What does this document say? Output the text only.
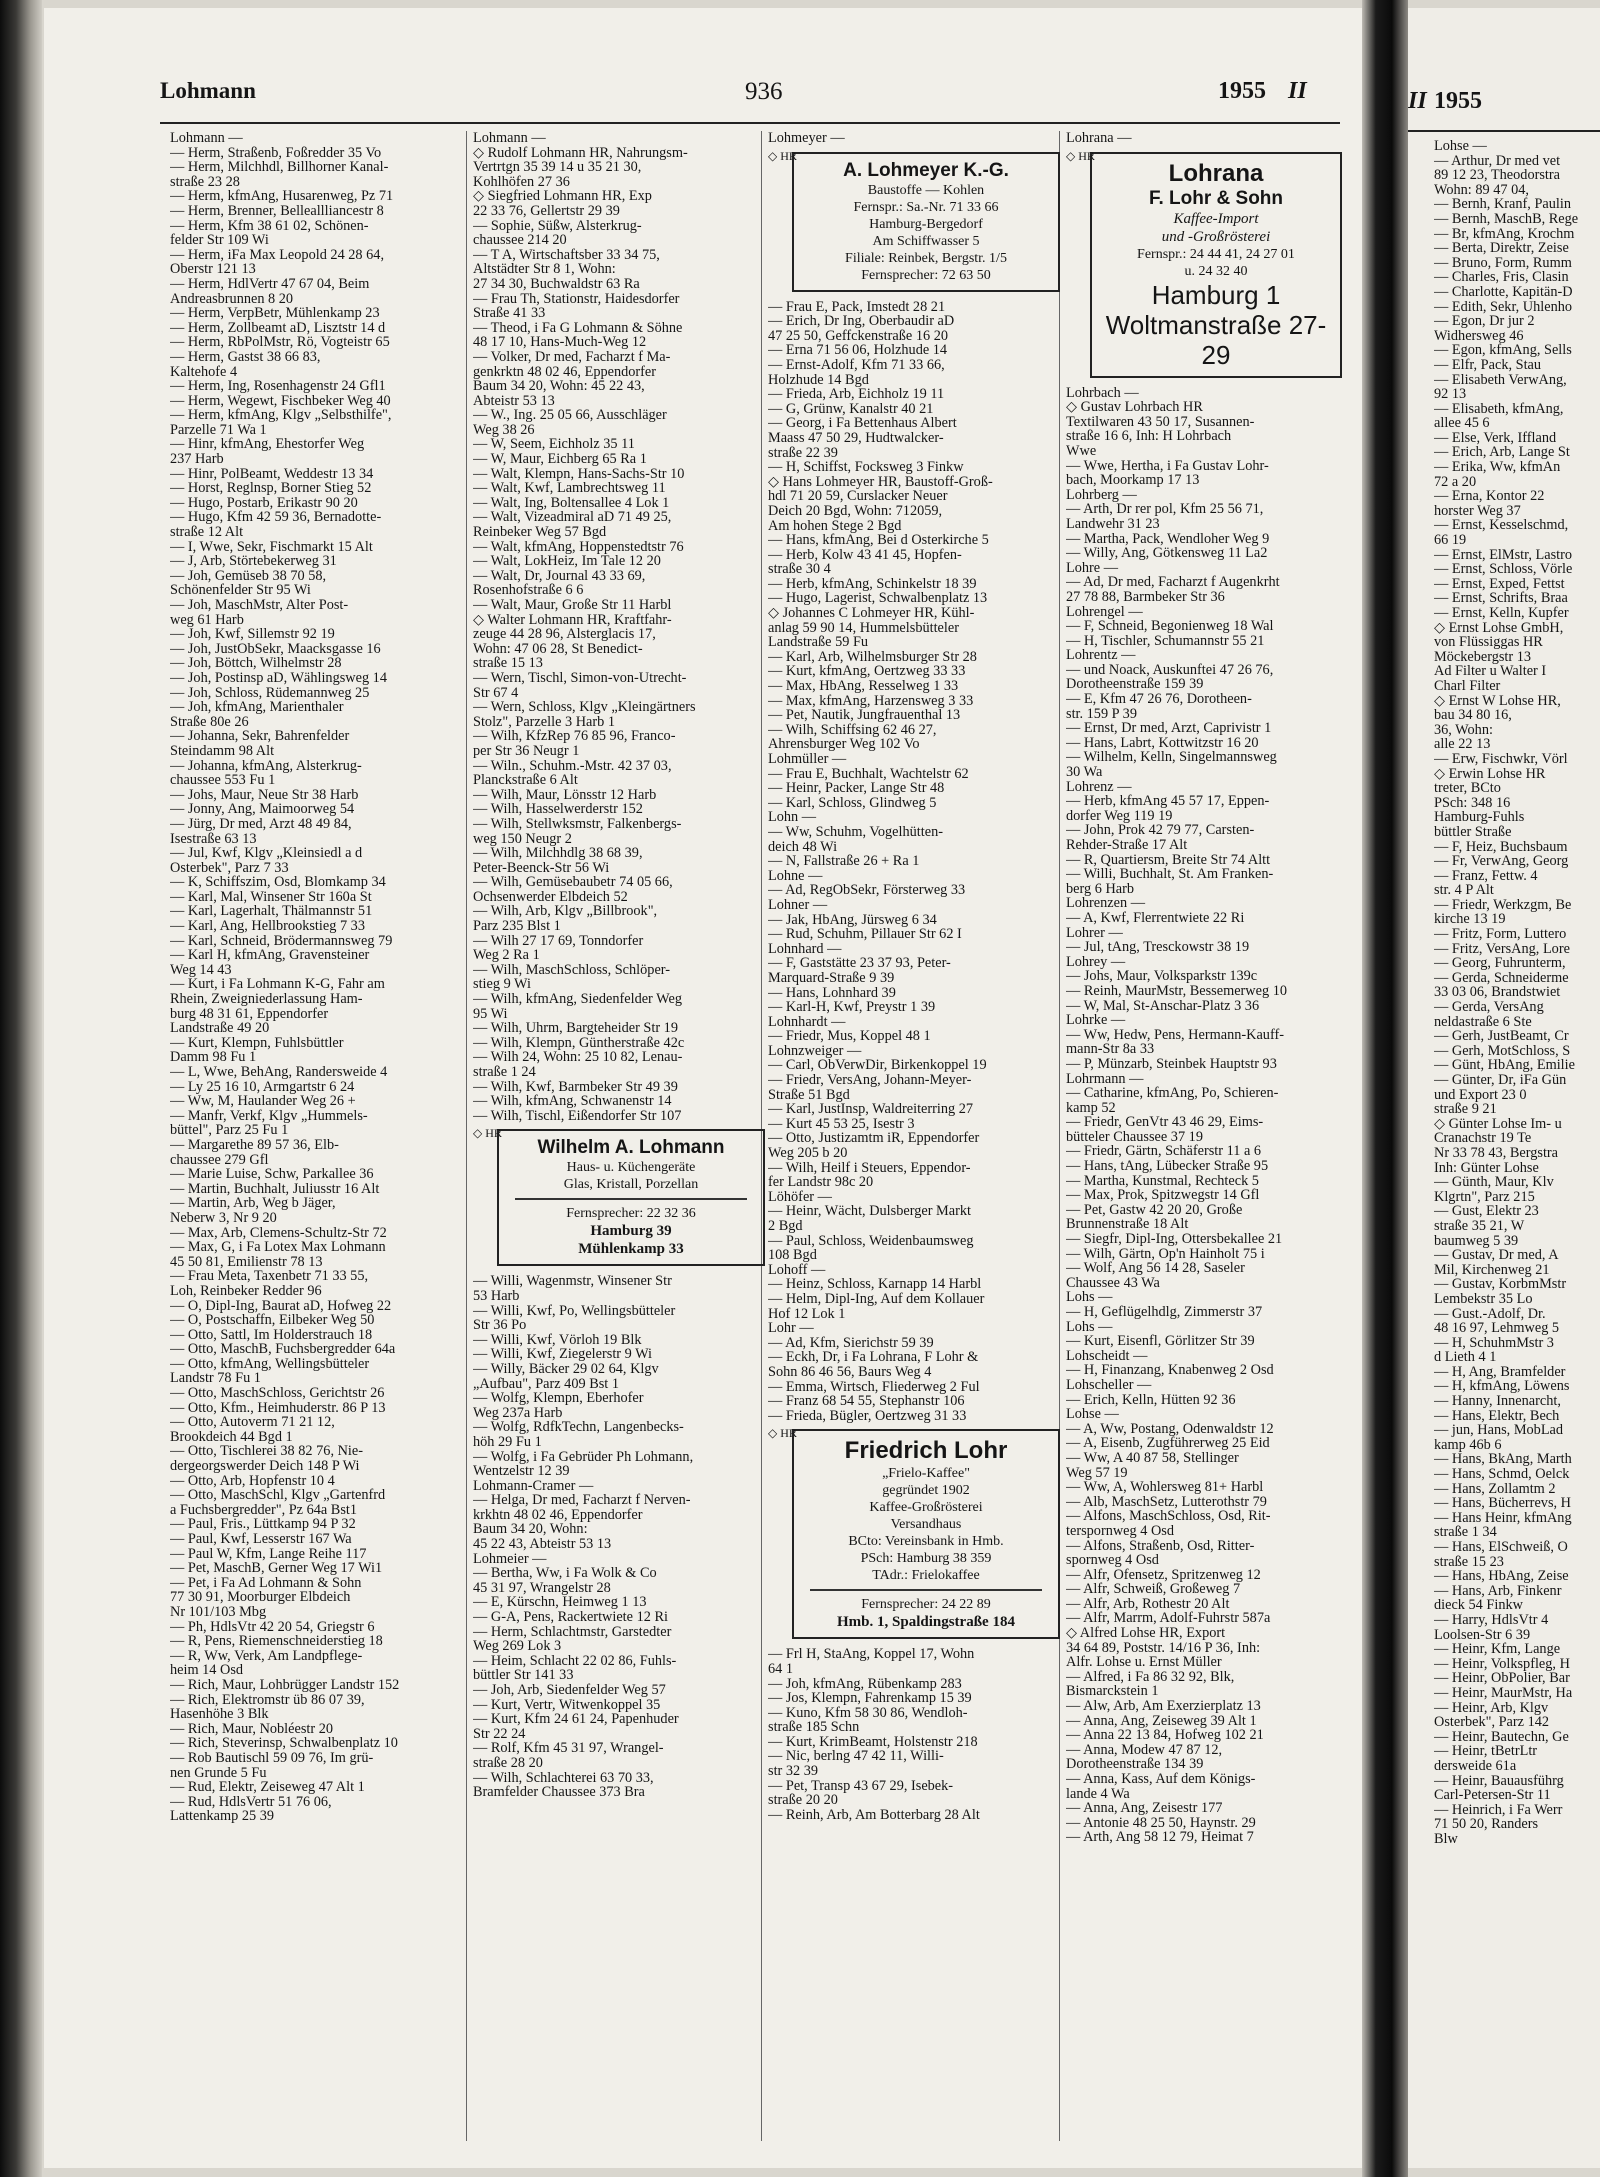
Lohmann	936	1955 II

Lohmann —

— Herm, Straßenb, Foßredder 35 Vo

— Herm, Milchhdl, Billhorner Kanal-

straße 23 28

— Herm, kfmAng, Husarenweg, Pz 71

— Herm, Brenner, Belleallliancestr 8

— Herm, Kfm 38 61 02, Schönen-

felder Str 109 Wi

— Herm, iFa Max Leopold 24 28 64,

Oberstr 121 13

— Herm, HdlVertr 47 67 04, Beim

Andreasbrunnen 8 20

— Herm, VerpBetr, Mühlenkamp 23

— Herm, Zollbeamt aD, Lisztstr 14 d

— Herm, RbPolMstr, Rö, Vogteistr 65

— Herm, Gastst 38 66 83,

Kaltehofe 4

— Herm, Ing, Rosenhagenstr 24 Gfl1

— Herm, Wegewt, Fischbeker Weg 40

— Herm, kfmAng, Klgv „Selbsthilfe",

Parzelle 71 Wa 1

— Hinr, kfmAng, Ehestorfer Weg

237 Harb

— Hinr, PolBeamt, Weddestr 13 34

— Horst, Reglnsp, Borner Stieg 52

— Hugo, Postarb, Erikastr 90 20

— Hugo, Kfm 42 59 36, Bernadotte-

straße 12 Alt

— I, Wwe, Sekr, Fischmarkt 15 Alt

— J, Arb, Störtebekerweg 31

— Joh, Gemüseb 38 70 58,

Schönenfelder Str 95 Wi

— Joh, MaschMstr, Alter Post-

weg 61 Harb

— Joh, Kwf, Sillemstr 92 19

— Joh, JustObSekr, Maacksgasse 16

— Joh, Böttch, Wilhelmstr 28

— Joh, Postinsp aD, Wählingsweg 14

— Joh, Schloss, Rüdemannweg 25

— Joh, kfmAng, Marienthaler

Straße 80e 26

— Johanna, Sekr, Bahrenfelder

Steindamm 98 Alt

— Johanna, kfmAng, Alsterkrug-

chaussee 553 Fu 1

— Johs, Maur, Neue Str 38 Harb

— Jonny, Ang, Maimoorweg 54

— Jürg, Dr med, Arzt 48 49 84,

Isestraße 63 13

— Jul, Kwf, Klgv „Kleinsiedl a d

Osterbek", Parz 7 33

— K, Schiffszim, Osd, Blomkamp 34

— Karl, Mal, Winsener Str 160a St

— Karl, Lagerhalt, Thälmannstr 51

— Karl, Ang, Hellbrookstieg 7 33

— Karl, Schneid, Brödermannsweg 79

— Karl H, kfmAng, Gravensteiner

Weg 14 43

— Kurt, i Fa Lohmann K-G, Fahr am

Rhein, Zweigniederlassung Ham-

burg 48 31 61, Eppendorfer

Landstraße 49 20

— Kurt, Klempn, Fuhlsbüttler

Damm 98 Fu 1

— L, Wwe, BehAng, Randersweide 4

— Ly 25 16 10, Armgartstr 6 24

— Ww, M, Haulander Weg 26 +

— Manfr, Verkf, Klgv „Hummels-

büttel", Parz 25 Fu 1

— Margarethe 89 57 36, Elb-

chaussee 279 Gfl

— Marie Luise, Schw, Parkallee 36

— Martin, Buchhalt, Juliusstr 16 Alt

— Martin, Arb, Weg b Jäger,

Neberw 3, Nr 9 20

— Max, Arb, Clemens-Schultz-Str 72

— Max, G, i Fa Lotex Max Lohmann

45 50 81, Emilienstr 78 13

— Frau Meta, Taxenbetr 71 33 55,

Loh, Reinbeker Redder 96

— O, Dipl-Ing, Baurat aD, Hofweg 22

— O, Postschaffn, Eilbeker Weg 50

— Otto, Sattl, Im Holderstrauch 18

— Otto, MaschB, Fuchsbergredder 64a

— Otto, kfmAng, Wellingsbütteler

Landstr 78 Fu 1

— Otto, MaschSchloss, Gerichtstr 26

— Otto, Kfm., Heimhuderstr. 86 P 13

— Otto, Autoverm 71 21 12,

Brookdeich 44 Bgd 1

— Otto, Tischlerei 38 82 76, Nie-

dergeorgswerder Deich 148 P Wi

— Otto, Arb, Hopfenstr 10 4

— Otto, MaschSchl, Klgv „Gartenfrd

a Fuchsbergredder", Pz 64a Bst1

— Paul, Fris., Lüttkamp 94 P 32

— Paul, Kwf, Lesserstr 167 Wa

— Paul W, Kfm, Lange Reihe 117

— Pet, MaschB, Gerner Weg 17 Wi1

— Pet, i Fa Ad Lohmann & Sohn

77 30 91, Moorburger Elbdeich

Nr 101/103 Mbg

— Ph, HdlsVtr 42 20 54, Griegstr 6

— R, Pens, Riemenschneiderstieg 18

— R, Ww, Verk, Am Landpflege-

heim 14 Osd

— Rich, Maur, Lohbrügger Landstr 152

— Rich, Elektromstr üb 86 07 39,

Hasenhöhe 3 Blk

— Rich, Maur, Nobléestr 20

— Rich, Steverinsp, Schwalbenplatz 10

— Rob Bautischl 59 09 76, Im grü-

nen Grunde 5 Fu

— Rud, Elektr, Zeiseweg 47 Alt 1

— Rud, HdlsVertr 51 76 06,

Lattenkamp 25 39

Lohmann —

◇ Rudolf Lohmann HR, Nahrungsm-

Vertrtgn 35 39 14 u 35 21 30,

Kohlhöfen 27 36

◇ Siegfried Lohmann HR, Exp

22 33 76, Gellertstr 29 39

— Sophie, Süßw, Alsterkrug-

chaussee 214 20

— T A, Wirtschaftsber 33 34 75,

Altstädter Str 8 1, Wohn:

27 34 30, Buchwaldstr 63 Ra

— Frau Th, Stationstr, Haidesdorfer

Straße 41 33

— Theod, i Fa G Lohmann & Söhne

48 17 10, Hans-Much-Weg 12

— Volker, Dr med, Facharzt f Ma-

genkrktn 48 02 46, Eppendorfer

Baum 34 20, Wohn: 45 22 43,

Abteistr 53 13

— W., Ing. 25 05 66, Ausschläger

Weg 38 26

— W, Seem, Eichholz 35 11

— W, Maur, Eichberg 65 Ra 1

— Walt, Klempn, Hans-Sachs-Str 10

— Walt, Kwf, Lambrechtsweg 11

— Walt, Ing, Boltensallee 4 Lok 1

— Walt, Vizeadmiral aD 71 49 25,

Reinbeker Weg 57 Bgd

— Walt, kfmAng, Hoppenstedtstr 76

— Walt, LokHeiz, Im Tale 12 20

— Walt, Dr, Journal 43 33 69,

Rosenhofstraße 6 6

— Walt, Maur, Große Str 11 Harbl

◇ Walter Lohmann HR, Kraftfahr-

zeuge 44 28 96, Alsterglacis 17,

Wohn: 47 06 28, St Benedict-

straße 15 13

— Wern, Tischl, Simon-von-Utrecht-

Str 67 4

— Wern, Schloss, Klgv „Kleingärtners

Stolz", Parzelle 3 Harb 1

— Wilh, KfzRep 76 85 96, Franco-

per Str 36 Neugr 1

— Wiln., Schuhm.-Mstr. 42 37 03,

Planckstraße 6 Alt

— Wilh, Maur, Lönsstr 12 Harb

— Wilh, Hasselwerderstr 152

— Wilh, Stellwksmstr, Falkenbergs-

weg 150 Neugr 2

— Wilh, Milchhdlg 38 68 39,

Peter-Beenck-Str 56 Wi

— Wilh, Gemüsebaubetr 74 05 66,

Ochsenwerder Elbdeich 52

— Wilh, Arb, Klgv „Billbrook",

Parz 235 Blst 1

— Wilh 27 17 69, Tonndorfer

Weg 2 Ra 1

— Wilh, MaschSchloss, Schlöper-

stieg 9 Wi

— Wilh, kfmAng, Siedenfelder Weg

95 Wi

— Wilh, Uhrm, Bargteheider Str 19

— Wilh, Klempn, Güntherstraße 42c

— Wilh 24, Wohn: 25 10 82, Lenau-

straße 1 24

— Wilh, Kwf, Barmbeker Str 49 39

— Wilh, kfmAng, Schwanenstr 14

— Wilh, Tischl, Eißendorfer Str 107

◇ HR
Wilhelm A. Lohmann
Haus- u. Küchengeräte
Glas, Kristall, Porzellan
Fernsprecher: 22 32 36
Hamburg 39
Mühlenkamp 33

— Willi, Wagenmstr, Winsener Str

53 Harb

— Willi, Kwf, Po, Wellingsbütteler

Str 36 Po

— Willi, Kwf, Vörloh 19 Blk

— Willi, Kwf, Ziegelerstr 9 Wi

— Willy, Bäcker 29 02 64, Klgv

„Aufbau", Parz 409 Bst 1

— Wolfg, Klempn, Eberhofer

Weg 237a Harb

— Wolfg, RdfkTechn, Langenbecks-

höh 29 Fu 1

— Wolfg, i Fa Gebrüder Ph Lohmann,

Wentzelstr 12 39

Lohmann-Cramer —

— Helga, Dr med, Facharzt f Nerven-

krkhtn 48 02 46, Eppendorfer

Baum 34 20, Wohn:

45 22 43, Abteistr 53 13

Lohmeier —

— Bertha, Ww, i Fa Wolk & Co

45 31 97, Wrangelstr 28

— E, Kürschn, Heimweg 1 13

— G-A, Pens, Rackertwiete 12 Ri

— Herm, Schlachtmstr, Garstedter

Weg 269 Lok 3

— Heim, Schlacht 22 02 86, Fuhls-

büttler Str 141 33

— Joh, Arb, Siedenfelder Weg 57

— Kurt, Vertr, Witwenkoppel 35

— Kurt, Kfm 24 61 24, Papenhuder

Str 22 24

— Rolf, Kfm 45 31 97, Wrangel-

straße 28 20

— Wilh, Schlachterei 63 70 33,

Bramfelder Chaussee 373 Bra

Lohmeyer —

◇ HR
A. Lohmeyer K.-G.
Baustoffe — Kohlen
Fernspr.: Sa.-Nr. 71 33 66
Hamburg-Bergedorf
Am Schiffwasser 5
Filiale: Reinbek, Bergstr. 1/5
Fernsprecher: 72 63 50

— Frau E, Pack, Imstedt 28 21

— Erich, Dr Ing, Oberbaudir aD

47 25 50, Geffckenstraße 16 20

— Erna 71 56 06, Holzhude 14

— Ernst-Adolf, Kfm 71 33 66,

Holzhude 14 Bgd

— Frieda, Arb, Eichholz 19 11

— G, Grünw, Kanalstr 40 21

— Georg, i Fa Bettenhaus Albert

Maass 47 50 29, Hudtwalcker-

straße 22 39

— H, Schiffst, Focksweg 3 Finkw

◇ Hans Lohmeyer HR, Baustoff-Groß-

hdl 71 20 59, Curslacker Neuer

Deich 20 Bgd, Wohn: 712059,

Am hohen Stege 2 Bgd

— Hans, kfmAng, Bei d Osterkirche 5

— Herb, Kolw 43 41 45, Hopfen-

straße 30 4

— Herb, kfmAng, Schinkelstr 18 39

— Hugo, Lagerist, Schwalbenplatz 13

◇ Johannes C Lohmeyer HR, Kühl-

anlag 59 90 14, Hummelsbütteler

Landstraße 59 Fu

— Karl, Arb, Wilhelmsburger Str 28

— Kurt, kfmAng, Oertzweg 33 33

— Max, HbAng, Resselweg 1 33

— Max, kfmAng, Harzensweg 3 33

— Pet, Nautik, Jungfrauenthal 13

— Wilh, Schiffsing 62 46 27,

Ahrensburger Weg 102 Vo

Lohmüller —

— Frau E, Buchhalt, Wachtelstr 62

— Heinr, Packer, Lange Str 48

— Karl, Schloss, Glindweg 5

Lohn —

— Ww, Schuhm, Vogelhütten-

deich 48 Wi

— N, Fallstraße 26 + Ra 1

Lohne —

— Ad, RegObSekr, Försterweg 33

Lohner —

— Jak, HbAng, Jürsweg 6 34

— Rud, Schuhm, Pillauer Str 62 I

Lohnhard —

— F, Gaststätte 23 37 93, Peter-

Marquard-Straße 9 39

— Hans, Lohnhard 39

— Karl-H, Kwf, Preystr 1 39

Lohnhardt —

— Friedr, Mus, Koppel 48 1

Lohnzweiger —

— Carl, ObVerwDir, Birkenkoppel 19

— Friedr, VersAng, Johann-Meyer-

Straße 51 Bgd

— Karl, JustInsp, Waldreiterring 27

— Kurt 45 53 25, Isestr 3

— Otto, Justizamtm iR, Eppendorfer

Weg 205 b 20

— Wilh, Heilf i Steuers, Eppendor-

fer Landstr 98c 20

Löhöfer —

— Heinr, Wächt, Dulsberger Markt

2 Bgd

— Paul, Schloss, Weidenbaumsweg

108 Bgd

Lohoff —

— Heinz, Schloss, Karnapp 14 Harbl

— Helm, Dipl-Ing, Auf dem Kollauer

Hof 12 Lok 1

Lohr —

— Ad, Kfm, Sierichstr 59 39

— Eckh, Dr, i Fa Lohrana, F Lohr &

Sohn 86 46 56, Baurs Weg 4

— Emma, Wirtsch, Fliederweg 2 Ful

— Franz 68 54 55, Stephanstr 106

— Frieda, Bügler, Oertzweg 31 33

◇ HR
Friedrich Lohr
„Frielo-Kaffee"
gegründet 1902
Kaffee-Großrösterei
Versandhaus
BCto: Vereinsbank in Hmb.
PSch: Hamburg 38 359
TAdr.: Frielokaffee
Fernsprecher: 24 22 89
Hmb. 1, Spaldingstraße 184

— Frl H, StaAng, Koppel 17, Wohn

64 1

— Joh, kfmAng, Rübenkamp 283

— Jos, Klempn, Fahrenkamp 15 39

— Kuno, Kfm 58 30 86, Wendloh-

straße 185 Schn

— Kurt, KrimBeamt, Holstenstr 218

— Nic, berlng 47 42 11, Willi-

str 32 39

— Pet, Transp 43 67 29, Isebek-

straße 20 20

— Reinh, Arb, Am Botterbarg 28 Alt

Lohrana —

◇ HR
Lohrana
F. Lohr & Sohn
Kaffee-Import
und -Großrösterei
Fernspr.: 24 44 41, 24 27 01
u. 24 32 40
Hamburg 1
Woltmanstraße 27-29

Lohrbach —

◇ Gustav Lohrbach HR

Textilwaren 43 50 17, Susannen-

straße 16 6, Inh: H Lohrbach

Wwe

— Wwe, Hertha, i Fa Gustav Lohr-

bach, Moorkamp 17 13

Lohrberg —

— Arth, Dr rer pol, Kfm 25 56 71,

Landwehr 31 23

— Martha, Pack, Wendloher Weg 9

— Willy, Ang, Götkensweg 11 La2

Lohre —

— Ad, Dr med, Facharzt f Augenkrht

27 78 88, Barmbeker Str 36

Lohrengel —

— F, Schneid, Begonienweg 18 Wal

— H, Tischler, Schumannstr 55 21

Lohrentz —

— und Noack, Auskunftei 47 26 76,

Dorotheenstraße 159 39

— E, Kfm 47 26 76, Dorotheen-

str. 159 P 39

— Ernst, Dr med, Arzt, Caprivistr 1

— Hans, Labrt, Kottwitzstr 16 20

— Wilhelm, Kelln, Singelmannsweg

30 Wa

Lohrenz —

— Herb, kfmAng 45 57 17, Eppen-

dorfer Weg 119 19

— John, Prok 42 79 77, Carsten-

Rehder-Straße 17 Alt

— R, Quartiersm, Breite Str 74 Altt

— Willi, Buchhalt, St. Am Franken-

berg 6 Harb

Lohrenzen —

— A, Kwf, Flerrentwiete 22 Ri

Lohrer —

— Jul, tAng, Tresckowstr 38 19

Lohrey —

— Johs, Maur, Volksparkstr 139c

— Reinh, MaurMstr, Bessemerweg 10

— W, Mal, St-Anschar-Platz 3 36

Lohrke —

— Ww, Hedw, Pens, Hermann-Kauff-

mann-Str 8a 33

— P, Münzarb, Steinbek Hauptstr 93

Lohrmann —

— Catharine, kfmAng, Po, Schieren-

kamp 52

— Friedr, GenVtr 43 46 29, Eims-

bütteler Chaussee 37 19

— Friedr, Gärtn, Schäferstr 11 a 6

— Hans, tAng, Lübecker Straße 95

— Martha, Kunstmal, Rechteck 5

— Max, Prok, Spitzwegstr 14 Gfl

— Pet, Gastw 42 20 20, Große

Brunnenstraße 18 Alt

— Siegfr, Dipl-Ing, Ottersbekallee 21

— Wilh, Gärtn, Op'n Hainholt 75 i

— Wolf, Ang 56 14 28, Saseler

Chaussee 43 Wa

Lohs —

— H, Geflügelhdlg, Zimmerstr 37

Lohs —

— Kurt, Eisenfl, Görlitzer Str 39

Lohscheidt —

— H, Finanzang, Knabenweg 2 Osd

Lohscheller —

— Erich, Kelln, Hütten 92 36

Lohse —

— A, Ww, Postang, Odenwaldstr 12

— A, Eisenb, Zugführerweg 25 Eid

— Ww, A 40 87 58, Stellinger

Weg 57 19

— Ww, A, Wohlersweg 81+ Harbl

— Alb, MaschSetz, Lutterothstr 79

— Alfons, MaschSchloss, Osd, Rit-

terspornweg 4 Osd

— Alfons, Straßenb, Osd, Ritter-

spornweg 4 Osd

— Alfr, Ofensetz, Spritzenweg 12

— Alfr, Schweiß, Großeweg 7

— Alfr, Arb, Rothestr 20 Alt

— Alfr, Marrm, Adolf-Fuhrstr 587a

◇ Alfred Lohse HR, Export

34 64 89, Poststr. 14/16 P 36, Inh:

Alfr. Lohse u. Ernst Müller

— Alfred, i Fa 86 32 92, Blk,

Bismarckstein 1

— Alw, Arb, Am Exerzierplatz 13

— Anna, Ang, Zeiseweg 39 Alt 1

— Anna 22 13 84, Hofweg 102 21

— Anna, Modew 47 87 12,

Dorotheenstraße 134 39

— Anna, Kass, Auf dem Königs-

lande 4 Wa

— Anna, Ang, Zeisestr 177

— Antonie 48 25 50, Haynstr. 29

— Arth, Ang 58 12 79, Heimat 7

II 1955

Lohse —

— Arthur, Dr med vet

89 12 23, Theodorstra

Wohn: 89 47 04,

— Bernh, Kranf, Paulin

— Bernh, MaschB, Rege

— Br, kfmAng, Krochm

— Berta, Direktr, Zeise

— Bruno, Form, Rumm

— Charles, Fris, Clasin

— Charlotte, Kapitän-D

— Edith, Sekr, Uhlenho

— Egon, Dr jur 2

Widhersweg 46

— Egon, kfmAng, Sells

— Elfr, Pack, Stau

— Elisabeth VerwAng,

92 13

— Elisabeth, kfmAng,

allee 45 6

— Else, Verk, Iffland

— Erich, Arb, Lange St

— Erika, Ww, kfmAn

72 a 20

— Erna, Kontor 22

horster Weg 37

— Ernst, Kesselschmd,

66 19

— Ernst, ElMstr, Lastro

— Ernst, Schloss, Vörle

— Ernst, Exped, Fettst

— Ernst, Schrifts, Braa

— Ernst, Kelln, Kupfer

◇ Ernst Lohse GmbH,

von Flüssiggas HR

Möckebergstr 13

Ad Filter u Walter I

Charl Filter

◇ Ernst W Lohse HR,

bau 34 80 16,

36, Wohn:

alle 22 13

— Erw, Fischwkr, Vörl

◇ Erwin Lohse HR

treter, BCto

PSch: 348 16

Hamburg-Fuhls

büttler Straße

— F, Heiz, Buchsbaum

— Fr, VerwAng, Georg

— Franz, Fettw. 4

str. 4 P Alt

— Friedr, Werkzgm, Be

kirche 13 19

— Fritz, Form, Luttero

— Fritz, VersAng, Lore

— Georg, Fuhrunterm,

— Gerda, Schneiderme

33 03 06, Brandstwiet

— Gerda, VersAng

neldastraße 6 Ste

— Gerh, JustBeamt, Cr

— Gerh, MotSchloss, S

— Günt, HbAng, Emilie

— Günter, Dr, iFa Gün

und Export 23 0

straße 9 21

◇ Günter Lohse Im- u

Cranachstr 19 Te

Nr 33 78 43, Bergstra

Inh: Günter Lohse

— Günth, Maur, Klv

Klgrtn", Parz 215

— Gust, Elektr 23

straße 35 21, W

baumweg 5 39

— Gustav, Dr med, A

Mil, Kirchenweg 21

— Gustav, KorbmMstr

Lembekstr 35 Lo

— Gust.-Adolf, Dr.

48 16 97, Lehmweg 5

— H, SchuhmMstr 3

d Lieth 4 1

— H, Ang, Bramfelder

— H, kfmAng, Löwens

— Hanny, Innenarcht,

— Hans, Elektr, Bech

— jun, Hans, MobLad

kamp 46b 6

— Hans, BkAng, Marth

— Hans, Schmd, Oelck

— Hans, Zollamtm 2

— Hans, Bücherrevs, H

— Hans Heinr, kfmAng

straße 1 34

— Hans, ElSchweiß, O

straße 15 23

— Hans, HbAng, Zeise

— Hans, Arb, Finkenr

dieck 54 Finkw

— Harry, HdlsVtr 4

Loolsen-Str 6 39

— Heinr, Kfm, Lange

— Heinr, Volkspfleg, H

— Heinr, ObPolier, Bar

— Heinr, MaurMstr, Ha

— Heinr, Arb, Klgv

Osterbek", Parz 142

— Heinr, Bautechn, Ge

— Heinr, tBetrLtr

dersweide 61a

— Heinr, Bauausführg

Carl-Petersen-Str 11

— Heinrich, i Fa Werr

71 50 20, Randers

Blw
